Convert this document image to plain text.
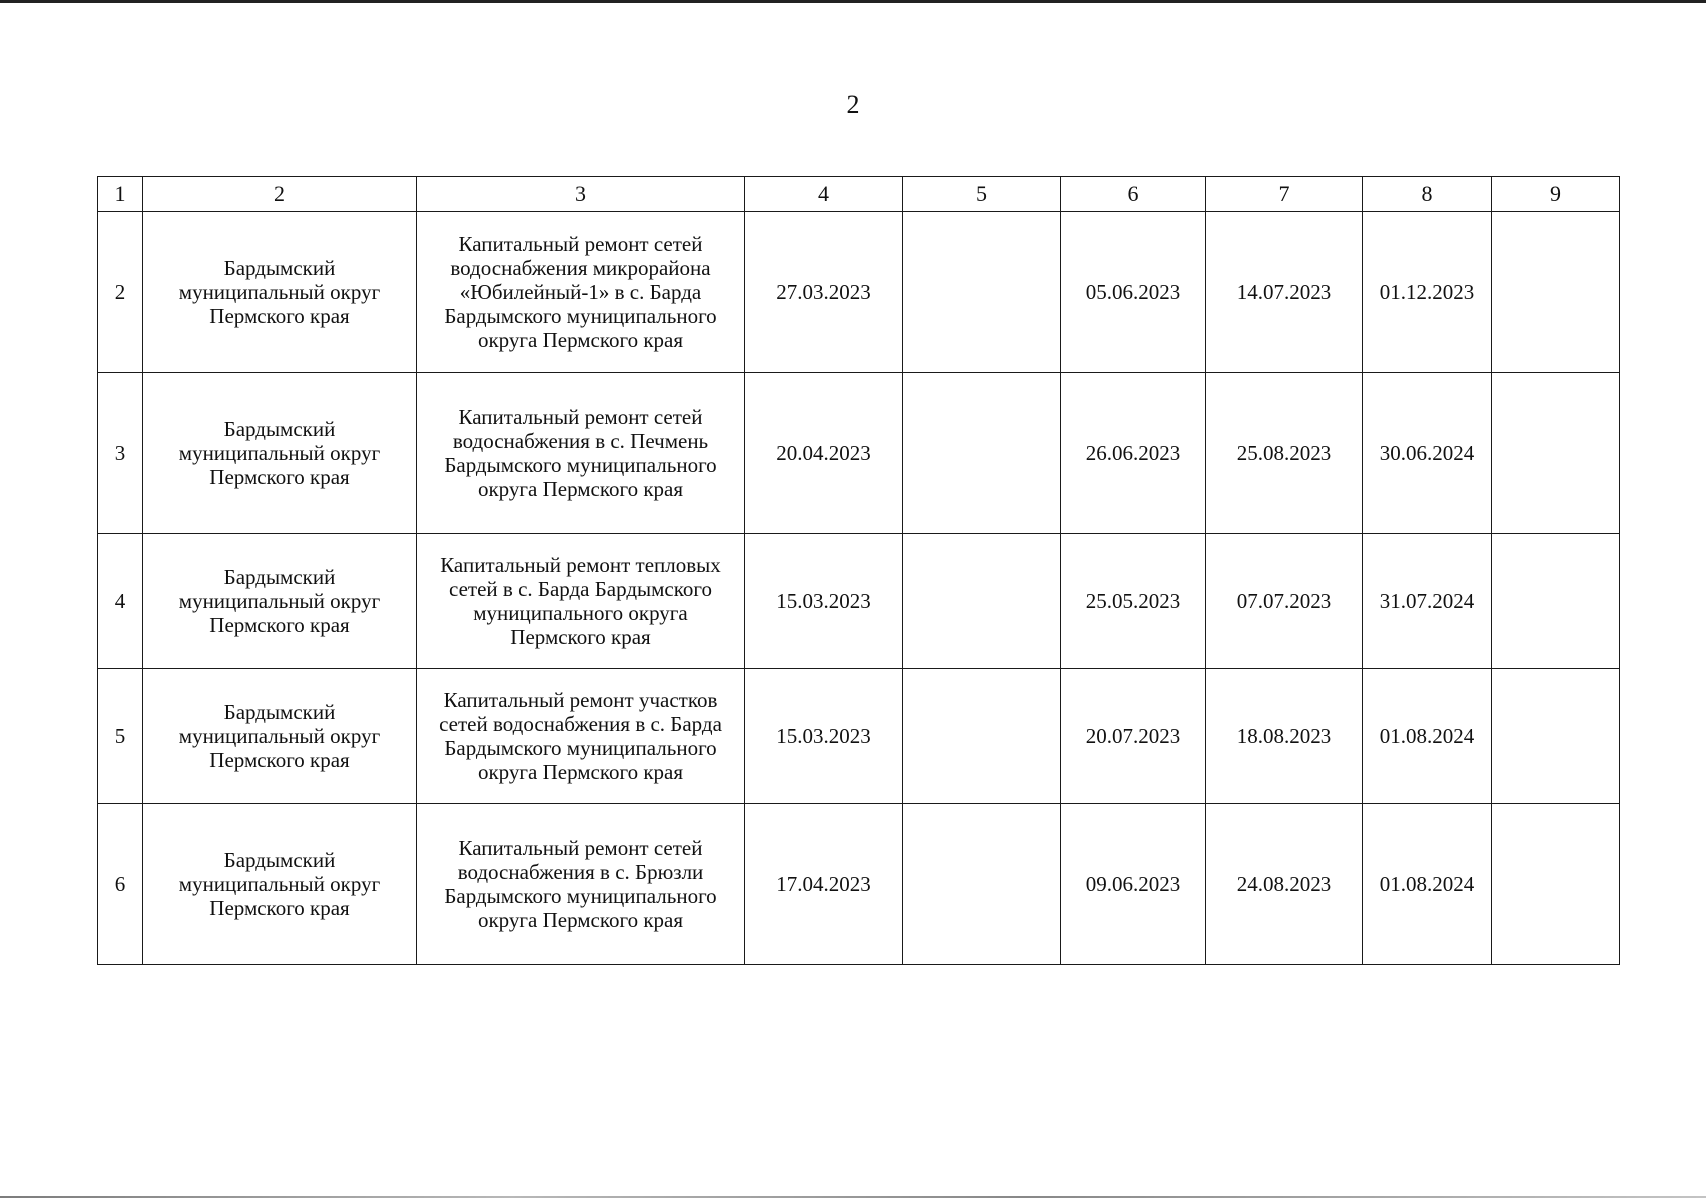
2
1	2	3	4	5	6	7	8	9
2	Бардымский муниципальный округ Пермского края	Капитальный ремонт сетей водоснабжения микрорайона «Юбилейный-1» в с. Барда Бардымского муниципального округа Пермского края	27.03.2023		05.06.2023	14.07.2023	01.12.2023	
3	Бардымский муниципальный округ Пермского края	Капитальный ремонт сетей водоснабжения в с. Печмень Бардымского муниципального округа Пермского края	20.04.2023		26.06.2023	25.08.2023	30.06.2024	
4	Бардымский муниципальный округ Пермского края	Капитальный ремонт тепловых сетей в с. Барда Бардымского муниципального округа Пермского края	15.03.2023		25.05.2023	07.07.2023	31.07.2024	
5	Бардымский муниципальный округ Пермского края	Капитальный ремонт участков сетей водоснабжения в с. Барда Бардымского муниципального округа Пермского края	15.03.2023		20.07.2023	18.08.2023	01.08.2024	
6	Бардымский муниципальный округ Пермского края	Капитальный ремонт сетей водоснабжения в с. Брюзли Бардымского муниципального округа Пермского края	17.04.2023		09.06.2023	24.08.2023	01.08.2024	
